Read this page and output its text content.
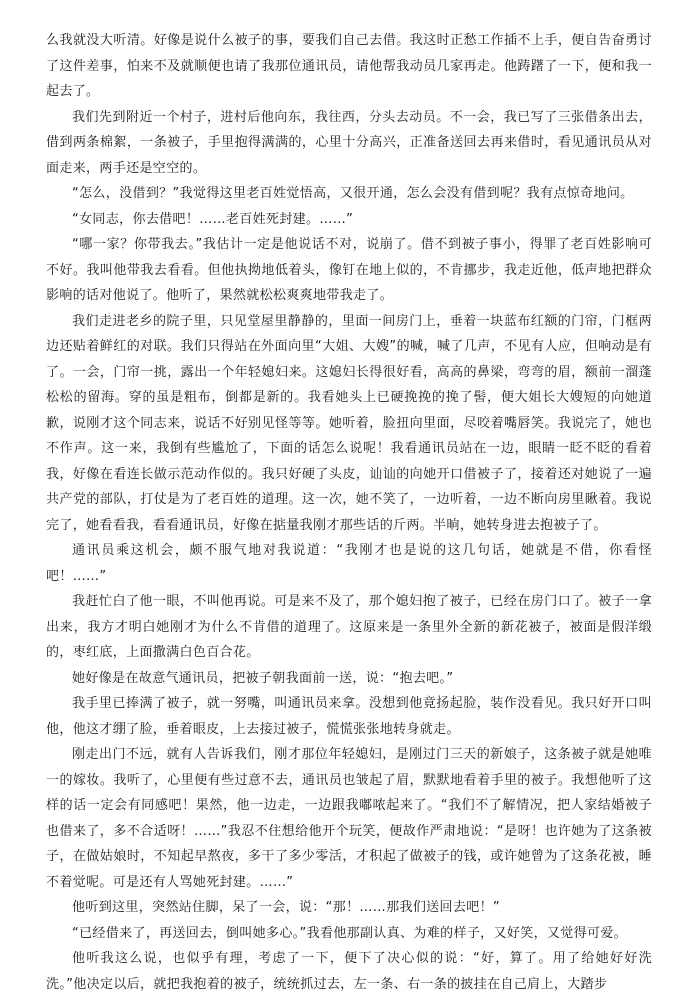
么我就没大听清。好像是说什么被子的事，要我们自己去借。我这时正愁工作插不上手，便自告奋勇讨了这件差事，怕来不及就顺便也请了我那位通讯员，请他帮我动员几家再走。他踌躇了一下，便和我一起去了。

我们先到附近一个村子，进村后他向东，我往西，分头去动员。不一会，我已写了三张借条出去，借到两条棉絮，一条被子，手里抱得满满的，心里十分高兴，正准备送回去再来借时，看见通讯员从对面走来，两手还是空空的。

“怎么，没借到？”我觉得这里老百姓觉悟高，又很开通，怎么会没有借到呢？我有点惊奇地问。

“女同志，你去借吧！……老百姓死封建。……”

“哪一家？你带我去。”我估计一定是他说话不对，说崩了。借不到被子事小，得罪了老百姓影响可不好。我叫他带我去看看。但他执拗地低着头，像钉在地上似的，不肯挪步，我走近他，低声地把群众影响的话对他说了。他听了，果然就松松爽爽地带我走了。

我们走进老乡的院子里，只见堂屋里静静的，里面一间房门上，垂着一块蓝布红额的门帘，门框两边还贴着鲜红的对联。我们只得站在外面向里“大姐、大嫂”的喊，喊了几声，不见有人应，但响动是有了。一会，门帘一挑，露出一个年轻媳妇来。这媳妇长得很好看，高高的鼻梁，弯弯的眉，额前一溜蓬松松的留海。穿的虽是粗布，倒都是新的。我看她头上已硬挽挽的挽了髻，便大姐长大嫂短的向她道歉，说刚才这个同志来，说话不好别见怪等等。她听着，脸扭向里面，尽咬着嘴唇笑。我说完了，她也不作声。这一来，我倒有些尴尬了，下面的话怎么说呢！我看通讯员站在一边，眼睛一眨不眨的看着我，好像在看连长做示范动作似的。我只好硬了头皮，讪讪的向她开口借被子了，接着还对她说了一遍共产党的部队，打仗是为了老百姓的道理。这一次，她不笑了，一边听着，一边不断向房里瞅着。我说完了，她看看我，看看通讯员，好像在掂量我刚才那些话的斤两。半晌，她转身进去抱被子了。

通讯员乘这机会，颇不服气地对我说道：“我刚才也是说的这几句话，她就是不借，你看怪吧！……”

我赶忙白了他一眼，不叫他再说。可是来不及了，那个媳妇抱了被子，已经在房门口了。被子一拿出来，我方才明白她刚才为什么不肯借的道理了。这原来是一条里外全新的新花被子，被面是假洋缎的，枣红底，上面撒满白色百合花。

她好像是在故意气通讯员，把被子朝我面前一送，说：“抱去吧。”

我手里已捧满了被子，就一努嘴，叫通讯员来拿。没想到他竟扬起脸，装作没看见。我只好开口叫他，他这才绷了脸，垂着眼皮，上去接过被子，慌慌张张地转身就走。

刚走出门不远，就有人告诉我们，刚才那位年轻媳妇，是刚过门三天的新娘子，这条被子就是她唯一的嫁妆。我听了，心里便有些过意不去，通讯员也皱起了眉，默默地看着手里的被子。我想他听了这样的话一定会有同感吧！果然，他一边走，一边跟我嘟哝起来了。“我们不了解情况，把人家结婚被子也借来了，多不合适呀！……”我忍不住想给他开个玩笑，便故作严肃地说：“是呀！也许她为了这条被子，在做姑娘时，不知起早熬夜，多干了多少零活，才积起了做被子的钱，或许她曾为了这条花被，睡不着觉呢。可是还有人骂她死封建。……”

他听到这里，突然站住脚，呆了一会，说：“那！……那我们送回去吧！”

“已经借来了，再送回去，倒叫她多心。”我看他那副认真、为难的样子，又好笑，又觉得可爱。

他听我这么说，也似乎有理，考虑了一下，便下了决心似的说：“好，算了。用了给她好好洗洗。”他决定以后，就把我抱着的被子，统统抓过去，左一条、右一条的披挂在自己肩上，大踏步
